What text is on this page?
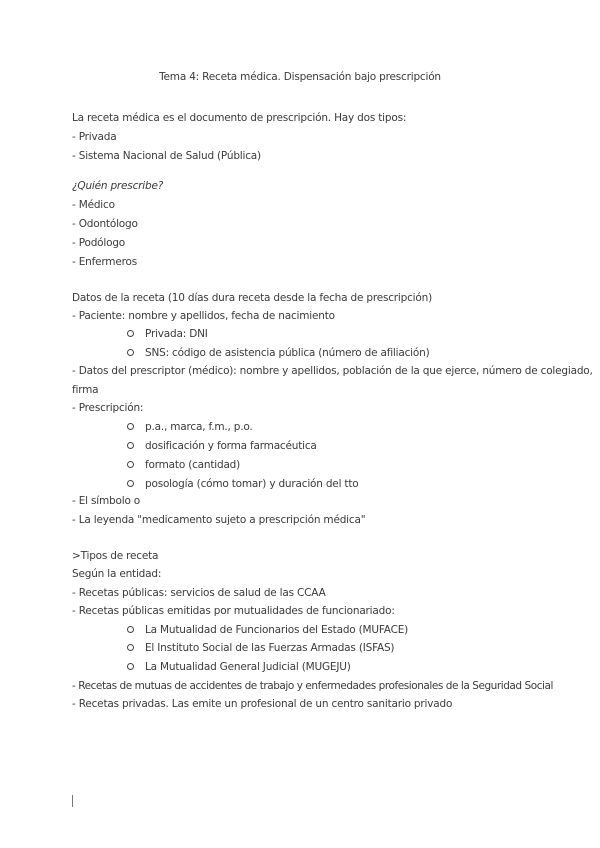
Tema 4: Receta médica. Dispensación bajo prescripción
La receta médica es el documento de prescripción. Hay dos tipos:
- Privada
- Sistema Nacional de Salud (Pública)
¿Quién prescribe?
- Médico
- Odontólogo
- Podólogo
- Enfermeros
Datos de la receta (10 días dura receta desde la fecha de prescripción)
- Paciente: nombre y apellidos, fecha de nacimiento
Privada: DNI
SNS: código de asistencia pública (número de afiliación)
- Datos del prescriptor (médico): nombre y apellidos, población de la que ejerce, número de colegiado,
firma
- Prescripción:
p.a., marca, f.m., p.o.
dosificación y forma farmacéutica
formato (cantidad)
posología (cómo tomar) y duración del tto
- El símbolo o
- La leyenda "medicamento sujeto a prescripción médica"
>Tipos de receta
Según la entidad:
- Recetas públicas: servicios de salud de las CCAA
- Recetas públicas emitidas por mutualidades de funcionariado:
La Mutualidad de Funcionarios del Estado (MUFACE)
El Instituto Social de las Fuerzas Armadas (ISFAS)
La Mutualidad General Judicial (MUGEJU)
- Recetas de mutuas de accidentes de trabajo y enfermedades profesionales de la Seguridad Social
- Recetas privadas. Las emite un profesional de un centro sanitario privado
